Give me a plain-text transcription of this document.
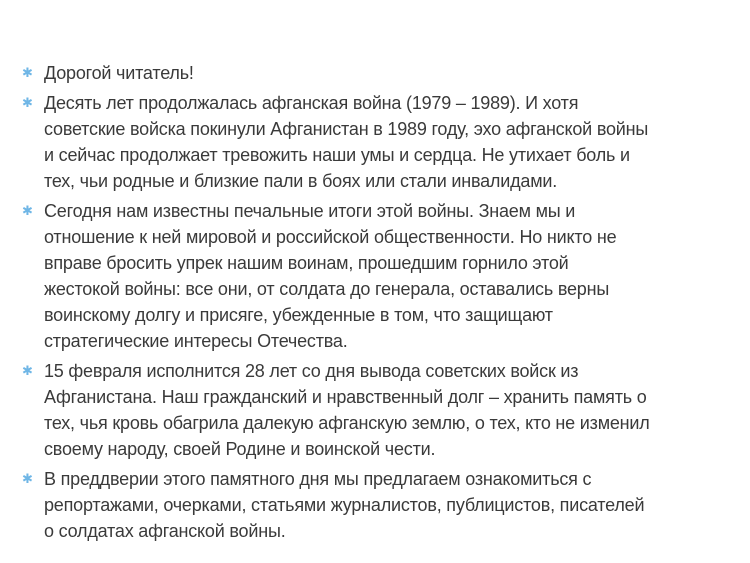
✱ Дорогой читатель!
✱ Десять лет продолжалась афганская война (1979 – 1989). И хотя
советские войска покинули Афганистан в 1989 году, эхо афганской войны
и сейчас продолжает тревожить наши умы и сердца. Не утихает боль и
тех, чьи родные и близкие пали в боях или стали инвалидами.
✱ Сегодня нам известны печальные итоги этой войны. Знаем мы и
отношение к ней мировой и российской общественности. Но никто не
вправе бросить упрек нашим воинам, прошедшим горнило этой
жестокой войны: все они, от солдата до генерала, оставались верны
воинскому долгу и присяге, убежденные в том, что защищают
стратегические интересы Отечества.
✱ 15 февраля исполнится 28 лет со дня вывода советских войск из
Афганистана. Наш гражданский и нравственный долг – хранить память о
тех, чья кровь обагрила далекую афганскую землю, о тех, кто не изменил
своему народу, своей Родине и воинской чести.
✱ В преддверии этого памятного дня мы предлагаем ознакомиться с
репортажами, очерками, статьями журналистов, публицистов, писателей
о солдатах афганской войны.
